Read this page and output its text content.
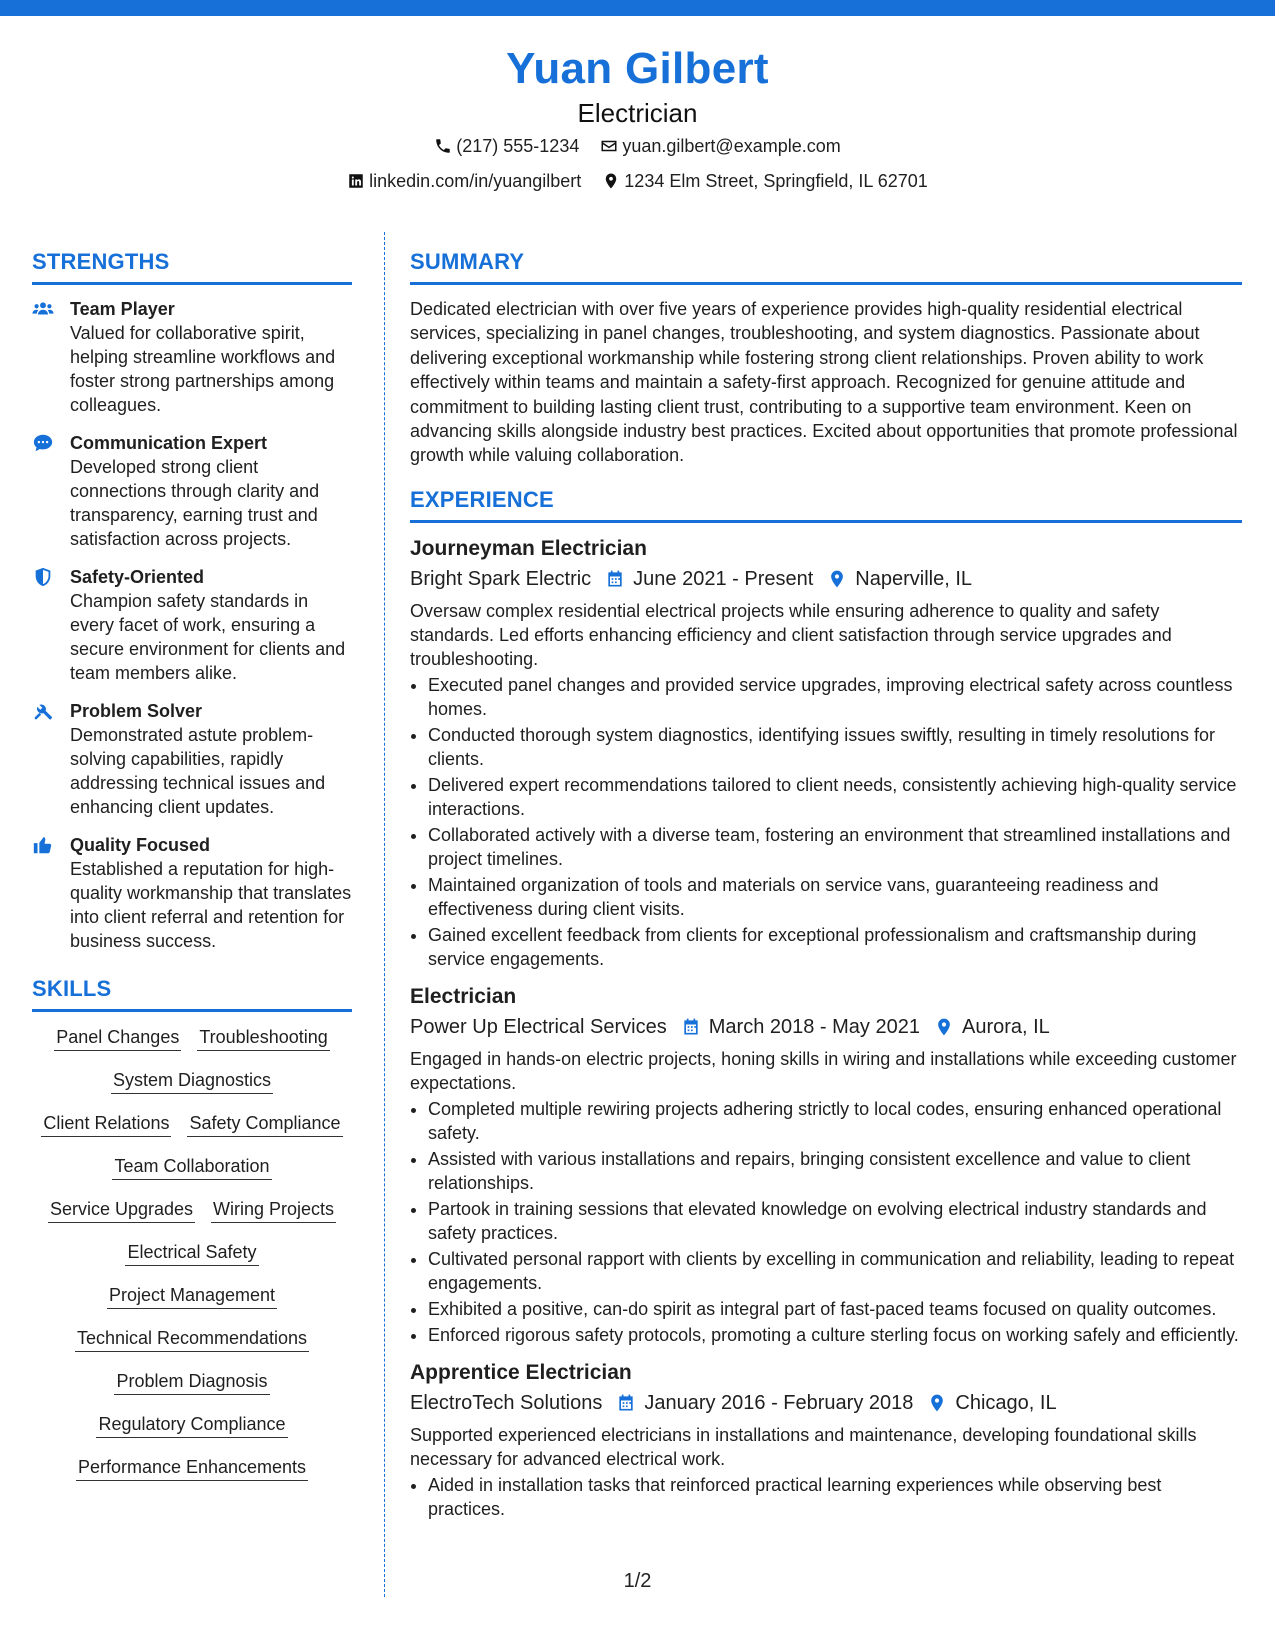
Yuan Gilbert
Electrician
(217) 555-1234
yuan.gilbert@example.com
linkedin.com/in/yuangilbert
1234 Elm Street, Springfield, IL 62701
STRENGTHS
Team Player
Valued for collaborative spirit, helping streamline workflows and foster strong partnerships among colleagues.
Communication Expert
Developed strong client connections through clarity and transparency, earning trust and satisfaction across projects.
Safety-Oriented
Champion safety standards in every facet of work, ensuring a secure environment for clients and team members alike.
Problem Solver
Demonstrated astute problem-solving capabilities, rapidly addressing technical issues and enhancing client updates.
Quality Focused
Established a reputation for high-quality workmanship that translates into client referral and retention for business success.
SKILLS
Panel Changes Troubleshooting
System Diagnostics
Client Relations Safety Compliance
Team Collaboration
Service Upgrades Wiring Projects
Electrical Safety
Project Management
Technical Recommendations
Problem Diagnosis
Regulatory Compliance
Performance Enhancements
SUMMARY
Dedicated electrician with over five years of experience provides high-quality residential electrical services, specializing in panel changes, troubleshooting, and system diagnostics. Passionate about delivering exceptional workmanship while fostering strong client relationships. Proven ability to work effectively within teams and maintain a safety-first approach. Recognized for genuine attitude and commitment to building lasting client trust, contributing to a supportive team environment. Keen on advancing skills alongside industry best practices. Excited about opportunities that promote professional growth while valuing collaboration.
EXPERIENCE
Journeyman Electrician
Bright Spark Electric June 2021 - Present Naperville, IL
Oversaw complex residential electrical projects while ensuring adherence to quality and safety standards. Led efforts enhancing efficiency and client satisfaction through service upgrades and troubleshooting.
• Executed panel changes and provided service upgrades, improving electrical safety across countless homes.
• Conducted thorough system diagnostics, identifying issues swiftly, resulting in timely resolutions for clients.
• Delivered expert recommendations tailored to client needs, consistently achieving high-quality service interactions.
• Collaborated actively with a diverse team, fostering an environment that streamlined installations and project timelines.
• Maintained organization of tools and materials on service vans, guaranteeing readiness and effectiveness during client visits.
• Gained excellent feedback from clients for exceptional professionalism and craftsmanship during service engagements.
Electrician
Power Up Electrical Services March 2018 - May 2021 Aurora, IL
Engaged in hands-on electric projects, honing skills in wiring and installations while exceeding customer expectations.
• Completed multiple rewiring projects adhering strictly to local codes, ensuring enhanced operational safety.
• Assisted with various installations and repairs, bringing consistent excellence and value to client relationships.
• Partook in training sessions that elevated knowledge on evolving electrical industry standards and safety practices.
• Cultivated personal rapport with clients by excelling in communication and reliability, leading to repeat engagements.
• Exhibited a positive, can-do spirit as integral part of fast-paced teams focused on quality outcomes.
• Enforced rigorous safety protocols, promoting a culture sterling focus on working safely and efficiently.
Apprentice Electrician
ElectroTech Solutions January 2016 - February 2018 Chicago, IL
Supported experienced electricians in installations and maintenance, developing foundational skills necessary for advanced electrical work.
• Aided in installation tasks that reinforced practical learning experiences while observing best practices.
1/2
